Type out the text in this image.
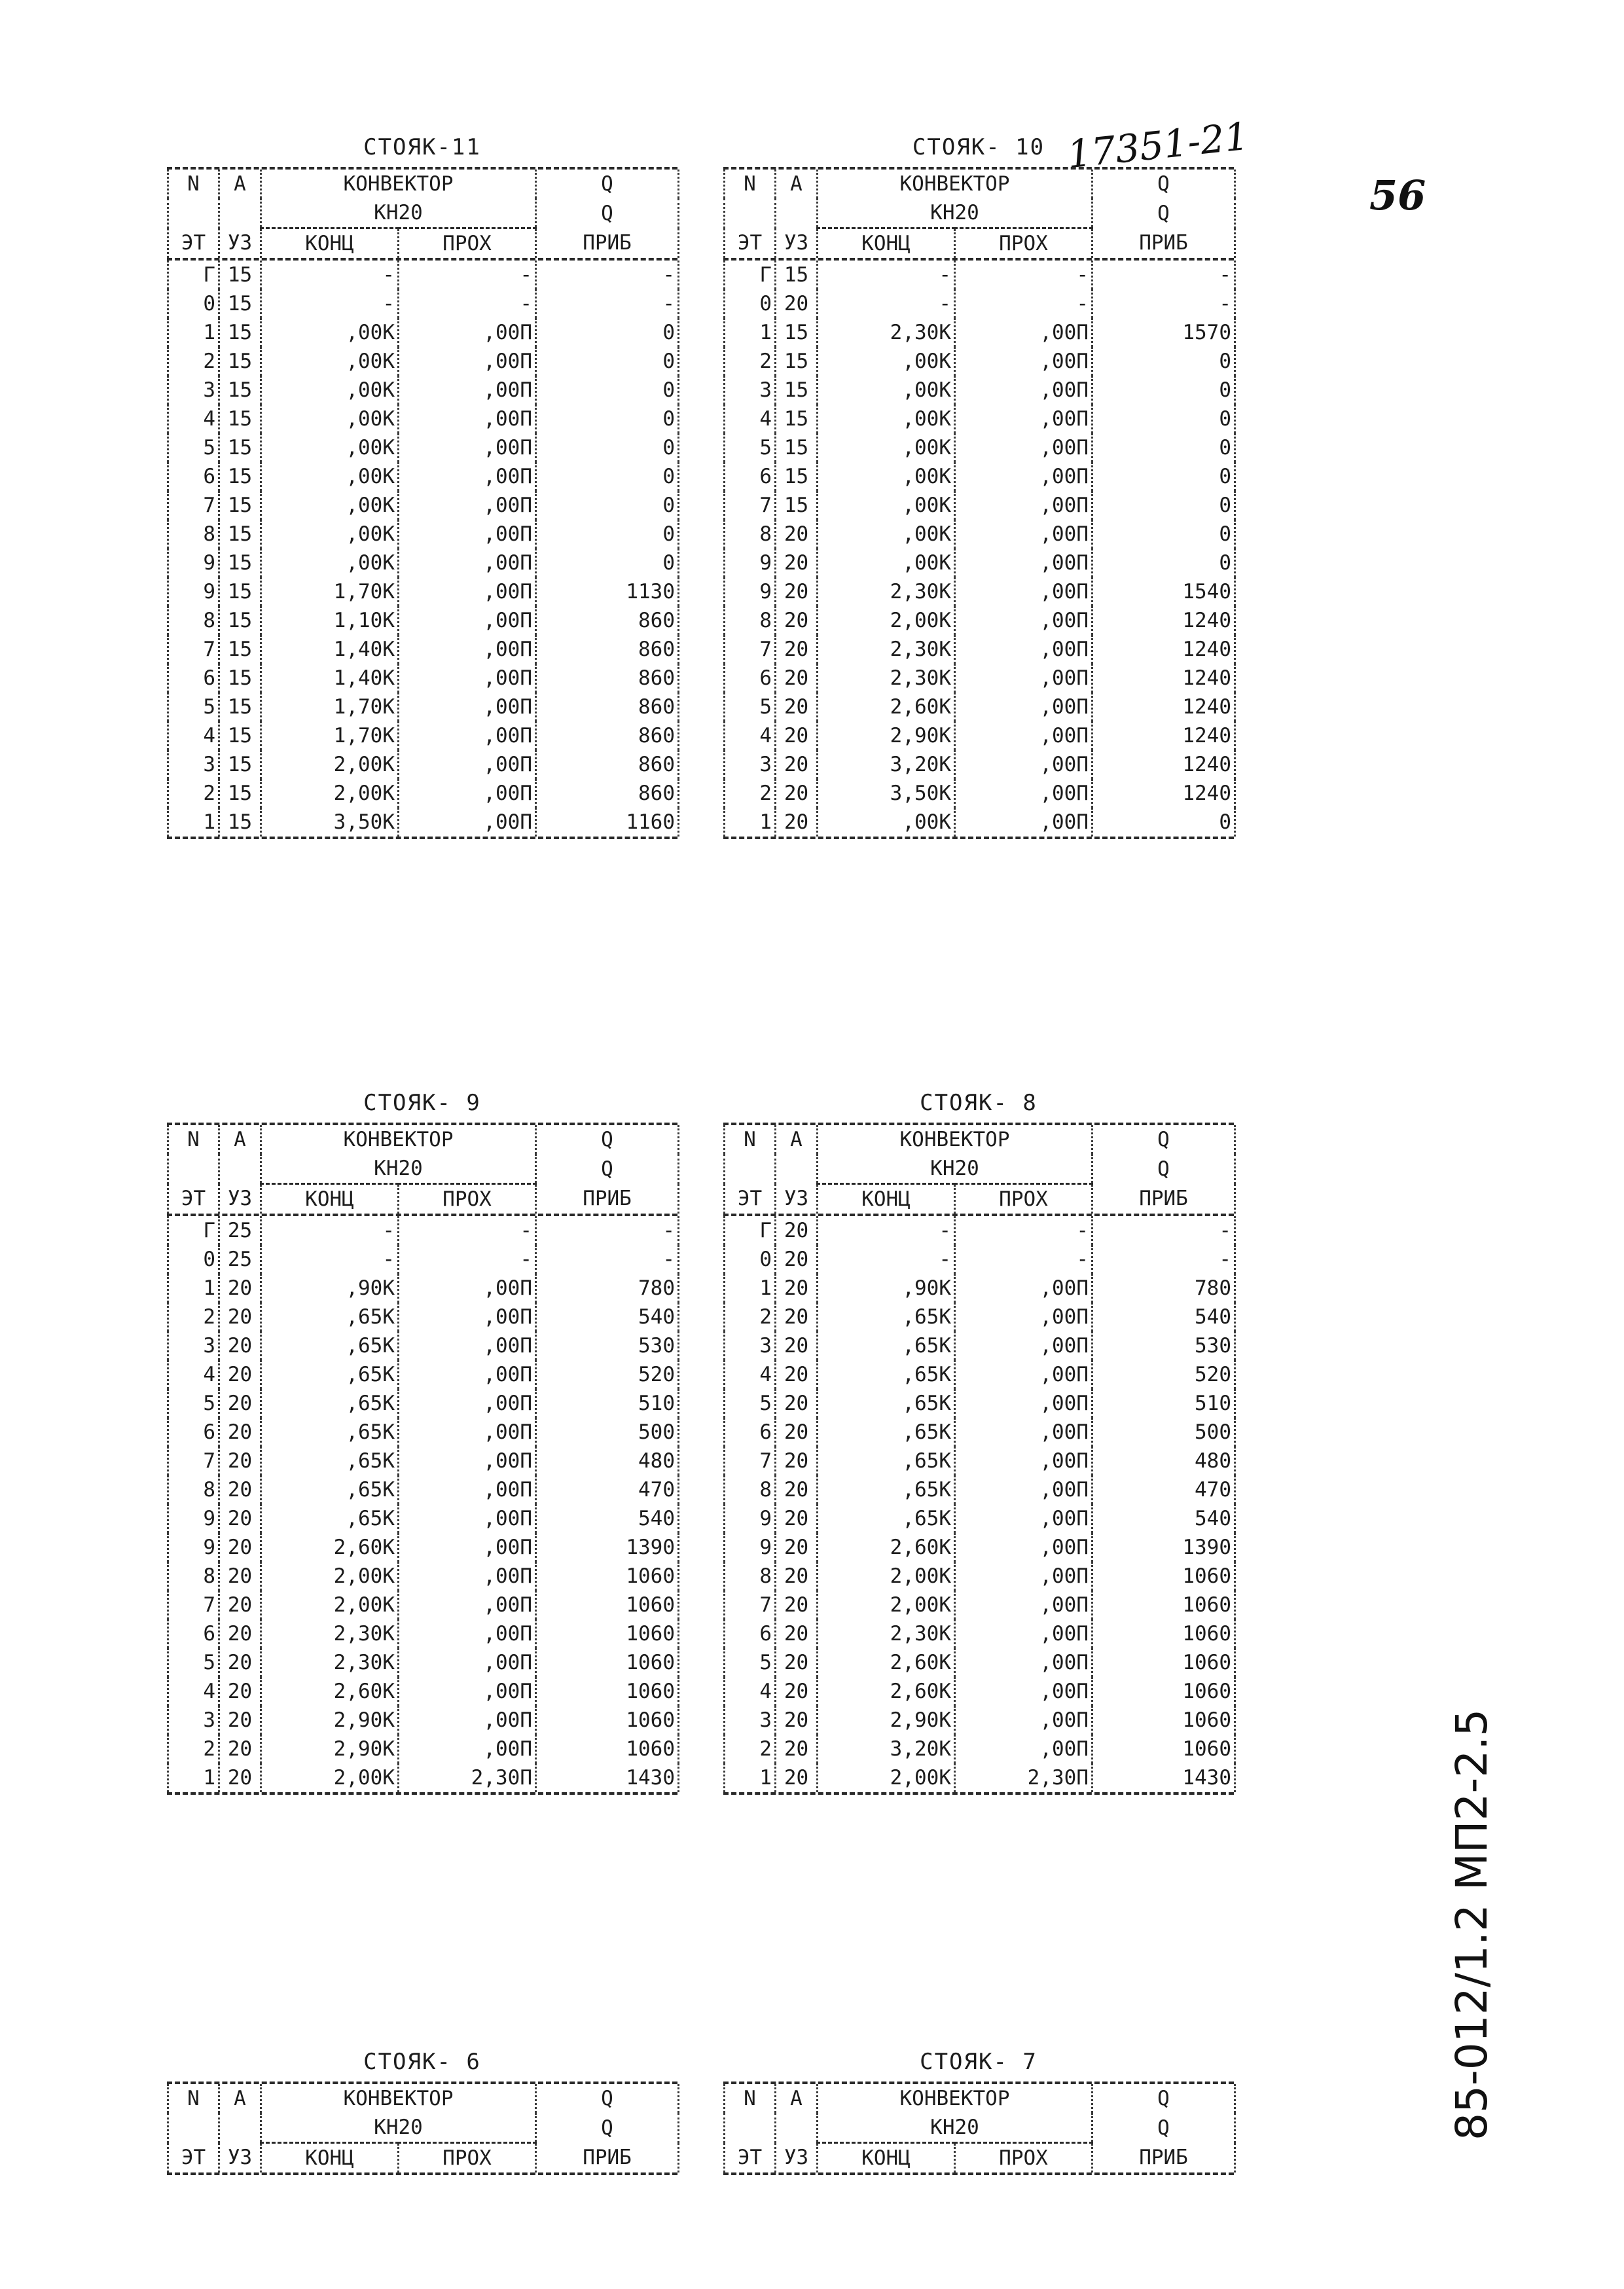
17351-21
56
85-012/1.2 МП2-2.5
СТОЯК-11
N	А	КОНВЕКТОР		Q
		КН20		Q
ЭТ	УЗ	КОНЦ	ПРОХ	ПРИБ
Г	15	-	-	-
0	15	-	-	-
1	15	,00К	,00П	0
2	15	,00К	,00П	0
3	15	,00К	,00П	0
4	15	,00К	,00П	0
5	15	,00К	,00П	0
6	15	,00К	,00П	0
7	15	,00К	,00П	0
8	15	,00К	,00П	0
9	15	,00К	,00П	0
9	15	1,70К	,00П	1130
8	15	1,10К	,00П	860
7	15	1,40К	,00П	860
6	15	1,40К	,00П	860
5	15	1,70К	,00П	860
4	15	1,70К	,00П	860
3	15	2,00К	,00П	860
2	15	2,00К	,00П	860
1	15	3,50К	,00П	1160
СТОЯК- 10
N	А	КОНВЕКТОР		Q
		КН20		Q
ЭТ	УЗ	КОНЦ	ПРОХ	ПРИБ
Г	15	-	-	-
0	20	-	-	-
1	15	2,30К	,00П	1570
2	15	,00К	,00П	0
3	15	,00К	,00П	0
4	15	,00К	,00П	0
5	15	,00К	,00П	0
6	15	,00К	,00П	0
7	15	,00К	,00П	0
8	20	,00К	,00П	0
9	20	,00К	,00П	0
9	20	2,30К	,00П	1540
8	20	2,00К	,00П	1240
7	20	2,30К	,00П	1240
6	20	2,30К	,00П	1240
5	20	2,60К	,00П	1240
4	20	2,90К	,00П	1240
3	20	3,20К	,00П	1240
2	20	3,50К	,00П	1240
1	20	,00К	,00П	0
СТОЯК- 9
N	А	КОНВЕКТОР		Q
		КН20		Q
ЭТ	УЗ	КОНЦ	ПРОХ	ПРИБ
Г	25	-	-	-
0	25	-	-	-
1	20	,90К	,00П	780
2	20	,65К	,00П	540
3	20	,65К	,00П	530
4	20	,65К	,00П	520
5	20	,65К	,00П	510
6	20	,65К	,00П	500
7	20	,65К	,00П	480
8	20	,65К	,00П	470
9	20	,65К	,00П	540
9	20	2,60К	,00П	1390
8	20	2,00К	,00П	1060
7	20	2,00К	,00П	1060
6	20	2,30К	,00П	1060
5	20	2,30К	,00П	1060
4	20	2,60К	,00П	1060
3	20	2,90К	,00П	1060
2	20	2,90К	,00П	1060
1	20	2,00К	2,30П	1430
СТОЯК- 8
N	А	КОНВЕКТОР		Q
		КН20		Q
ЭТ	УЗ	КОНЦ	ПРОХ	ПРИБ
Г	20	-	-	-
0	20	-	-	-
1	20	,90К	,00П	780
2	20	,65К	,00П	540
3	20	,65К	,00П	530
4	20	,65К	,00П	520
5	20	,65К	,00П	510
6	20	,65К	,00П	500
7	20	,65К	,00П	480
8	20	,65К	,00П	470
9	20	,65К	,00П	540
9	20	2,60К	,00П	1390
8	20	2,00К	,00П	1060
7	20	2,00К	,00П	1060
6	20	2,30К	,00П	1060
5	20	2,60К	,00П	1060
4	20	2,60К	,00П	1060
3	20	2,90К	,00П	1060
2	20	3,20К	,00П	1060
1	20	2,00К	2,30П	1430
СТОЯК- 6
N	А	КОНВЕКТОР		Q
		КН20		Q
ЭТ	УЗ	КОНЦ	ПРОХ	ПРИБ
СТОЯК- 7
N	А	КОНВЕКТОР		Q
		КН20		Q
ЭТ	УЗ	КОНЦ	ПРОХ	ПРИБ
